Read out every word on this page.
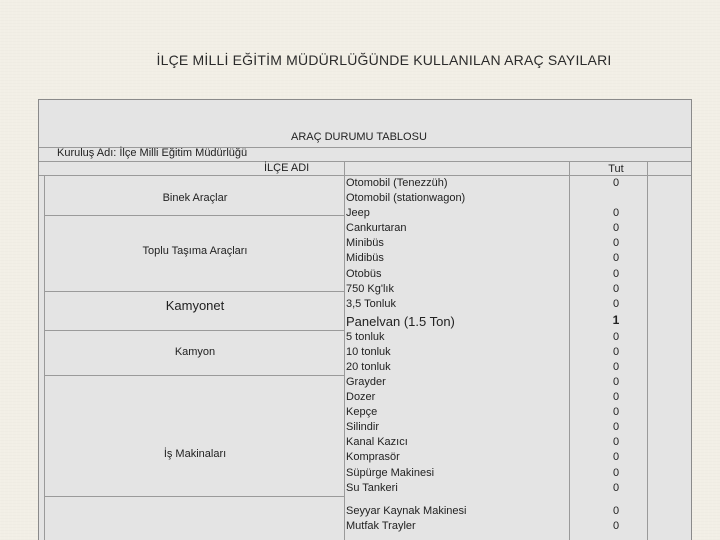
İLÇE MİLLİ EĞİTİM MÜDÜRLÜĞÜNDE KULLANILAN ARAÇ SAYILARI
ARAÇ DURUMU TABLOSU
Kuruluş Adı: İlçe Milli Eğitim Müdürlüğü
İLÇE ADI	Tut
Binek Araçlar
Toplu Taşıma Araçları
Kamyonet
Kamyon
İş Makinaları
Otomobil (Tenezzüh)
Otomobil (stationwagon)
Jeep
Cankurtaran
Minibüs
Midibüs
Otobüs
750 Kg'lık
3,5 Tonluk
Panelvan (1.5 Ton)
5 tonluk
10 tonluk
20 tonluk
Grayder
Dozer
Kepçe
Silindir
Kanal Kazıcı
Komprasör
Süpürge Makinesi
Su Tankeri
Seyyar Kaynak Makinesi
Mutfak Trayler
0
0
0
0
0
0
0
0
1
0
0
0
0
0
0
0
0
0
0
0
0
0
